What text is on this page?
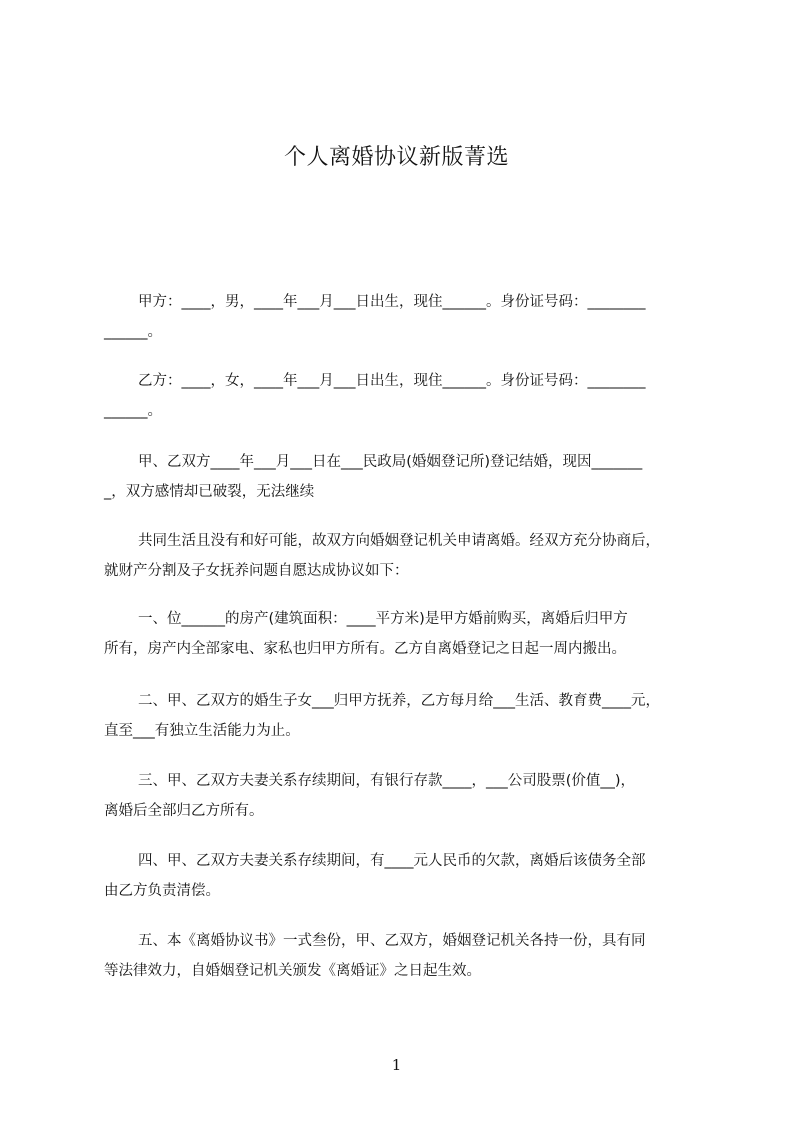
个人离婚协议新版菁选

甲方：____，男，____年___月___日出生，现住______。身份证号码：________
______。

乙方：____，女，____年___月___日出生，现住______。身份证号码：________
______。

甲、乙双方____年___月___日在___民政局(婚姻登记所)登记结婚，现因_______
_，双方感情却已破裂，无法继续

共同生活且没有和好可能，故双方向婚姻登记机关申请离婚。经双方充分协商后，
就财产分割及子女抚养问题自愿达成协议如下：

一、位______的房产(建筑面积：____平方米)是甲方婚前购买，离婚后归甲方
所有，房产内全部家电、家私也归甲方所有。乙方自离婚登记之日起一周内搬出。

二、甲、乙双方的婚生子女___归甲方抚养，乙方每月给___生活、教育费____元，
直至___有独立生活能力为止。

三、甲、乙双方夫妻关系存续期间，有银行存款____，___公司股票(价值__)，
离婚后全部归乙方所有。

四、甲、乙双方夫妻关系存续期间，有____元人民币的欠款，离婚后该债务全部
由乙方负责清偿。

五、本《离婚协议书》一式叁份，甲、乙双方，婚姻登记机关各持一份，具有同
等法律效力，自婚姻登记机关颁发《离婚证》之日起生效。

1
